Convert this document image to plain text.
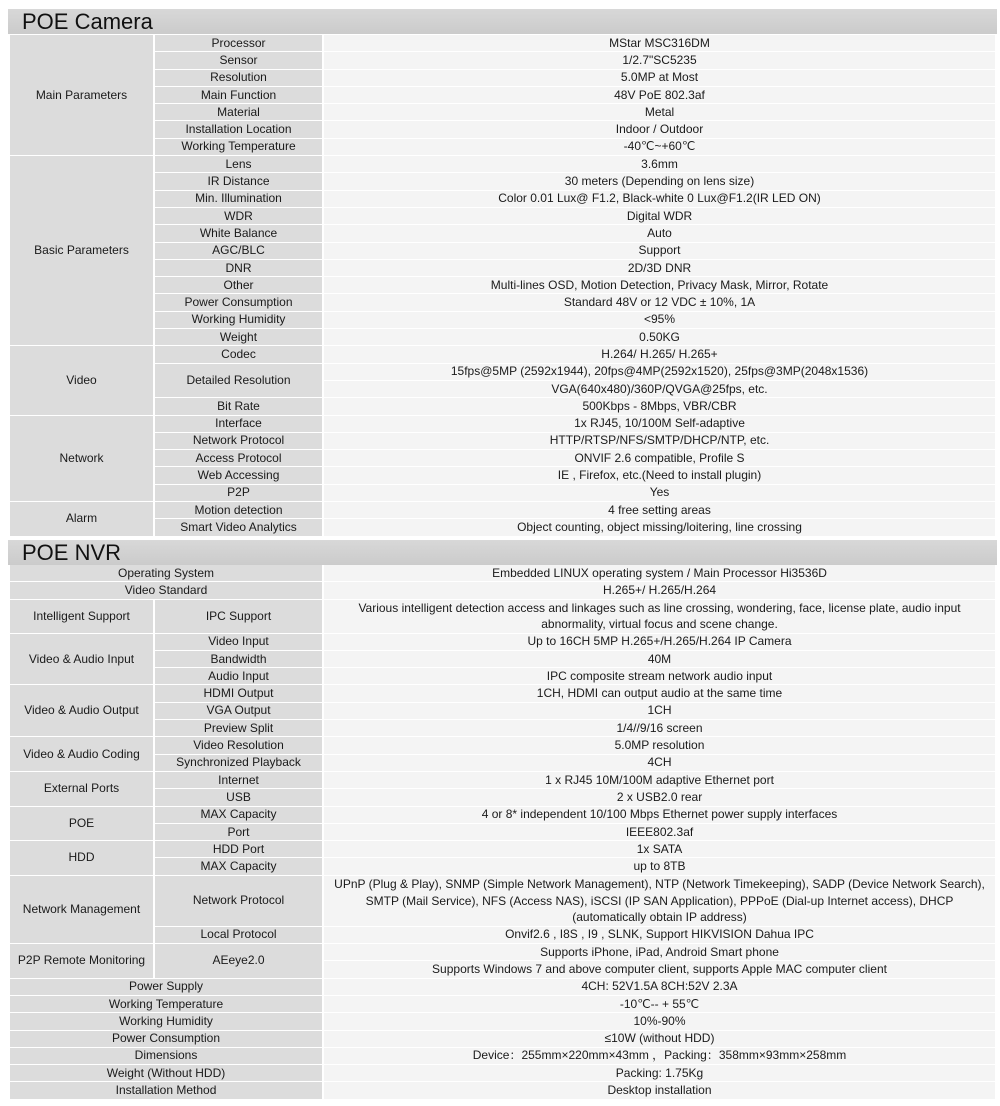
POE Camera
Main Parameters	Processor	MStar MSC316DM
	Sensor	1/2.7"SC5235
	Resolution	5.0MP at Most
	Main Function	48V PoE 802.3af
	Material	Metal
	Installation Location	Indoor / Outdoor
	Working Temperature	-40℃~+60℃
Basic Parameters	Lens	3.6mm
	IR Distance	30 meters (Depending on lens size)
	Min. Illumination	Color 0.01 Lux@ F1.2, Black-white 0 Lux@F1.2(IR LED ON)
	WDR	Digital WDR
	White Balance	Auto
	AGC/BLC	Support
	DNR	2D/3D DNR
	Other	Multi-lines OSD, Motion Detection, Privacy Mask, Mirror, Rotate
	Power Consumption	Standard 48V or 12 VDC ± 10%, 1A
	Working Humidity	<95%
	Weight	0.50KG
Video	Codec	H.264/ H.265/ H.265+
	Detailed Resolution	15fps@5MP (2592x1944), 20fps@4MP(2592x1520), 25fps@3MP(2048x1536)
		VGA(640x480)/360P/QVGA@25fps, etc.
	Bit Rate	500Kbps - 8Mbps, VBR/CBR
Network	Interface	1x RJ45, 10/100M Self-adaptive
	Network Protocol	HTTP/RTSP/NFS/SMTP/DHCP/NTP, etc.
	Access Protocol	ONVIF 2.6 compatible, Profile S
	Web Accessing	IE , Firefox, etc.(Need to install plugin)
	P2P	Yes
Alarm	Motion detection	4 free setting areas
	Smart Video Analytics	Object counting, object missing/loitering, line crossing
POE NVR
Operating System		Embedded LINUX operating system / Main Processor Hi3536D
Video Standard		H.265+/ H.265/H.264
Intelligent Support	IPC Support	Various intelligent detection access and linkages such as line crossing, wondering, face, license plate, audio input abnormality, virtual focus and scene change.
Video & Audio Input	Video Input	Up to 16CH 5MP H.265+/H.265/H.264 IP Camera
	Bandwidth	40M
	Audio Input	IPC composite stream network audio input
Video & Audio Output	HDMI Output	1CH, HDMI can output audio at the same time
	VGA Output	1CH
	Preview Split	1/4//9/16 screen
Video & Audio Coding	Video Resolution	5.0MP resolution
	Synchronized Playback	4CH
External Ports	Internet	1 x RJ45 10M/100M adaptive Ethernet port
	USB	2 x USB2.0 rear
POE	MAX Capacity	4 or 8* independent 10/100 Mbps Ethernet power supply interfaces
	Port	IEEE802.3af
HDD	HDD Port	1x SATA
	MAX Capacity	up to 8TB
Network Management	Network Protocol	UPnP (Plug & Play), SNMP (Simple Network Management), NTP (Network Timekeeping), SADP (Device Network Search), SMTP (Mail Service), NFS (Access NAS), iSCSI (IP SAN Application), PPPoE (Dial-up Internet access), DHCP (automatically obtain IP address)
	Local Protocol	Onvif2.6 , I8S , I9 , SLNK, Support HIKVISION Dahua IPC
P2P Remote Monitoring	AEeye2.0	Supports iPhone, iPad, Android Smart phone
		Supports Windows 7 and above computer client, supports Apple MAC computer client
Power Supply		4CH: 52V1.5A 8CH:52V 2.3A
Working Temperature		-10℃-- + 55℃
Working Humidity		10%-90%
Power Consumption		≤10W (without HDD)
Dimensions		Device：255mm×220mm×43mm ，Packing：358mm×93mm×258mm
Weight (Without HDD)		Packing: 1.75Kg
Installation Method		Desktop installation
